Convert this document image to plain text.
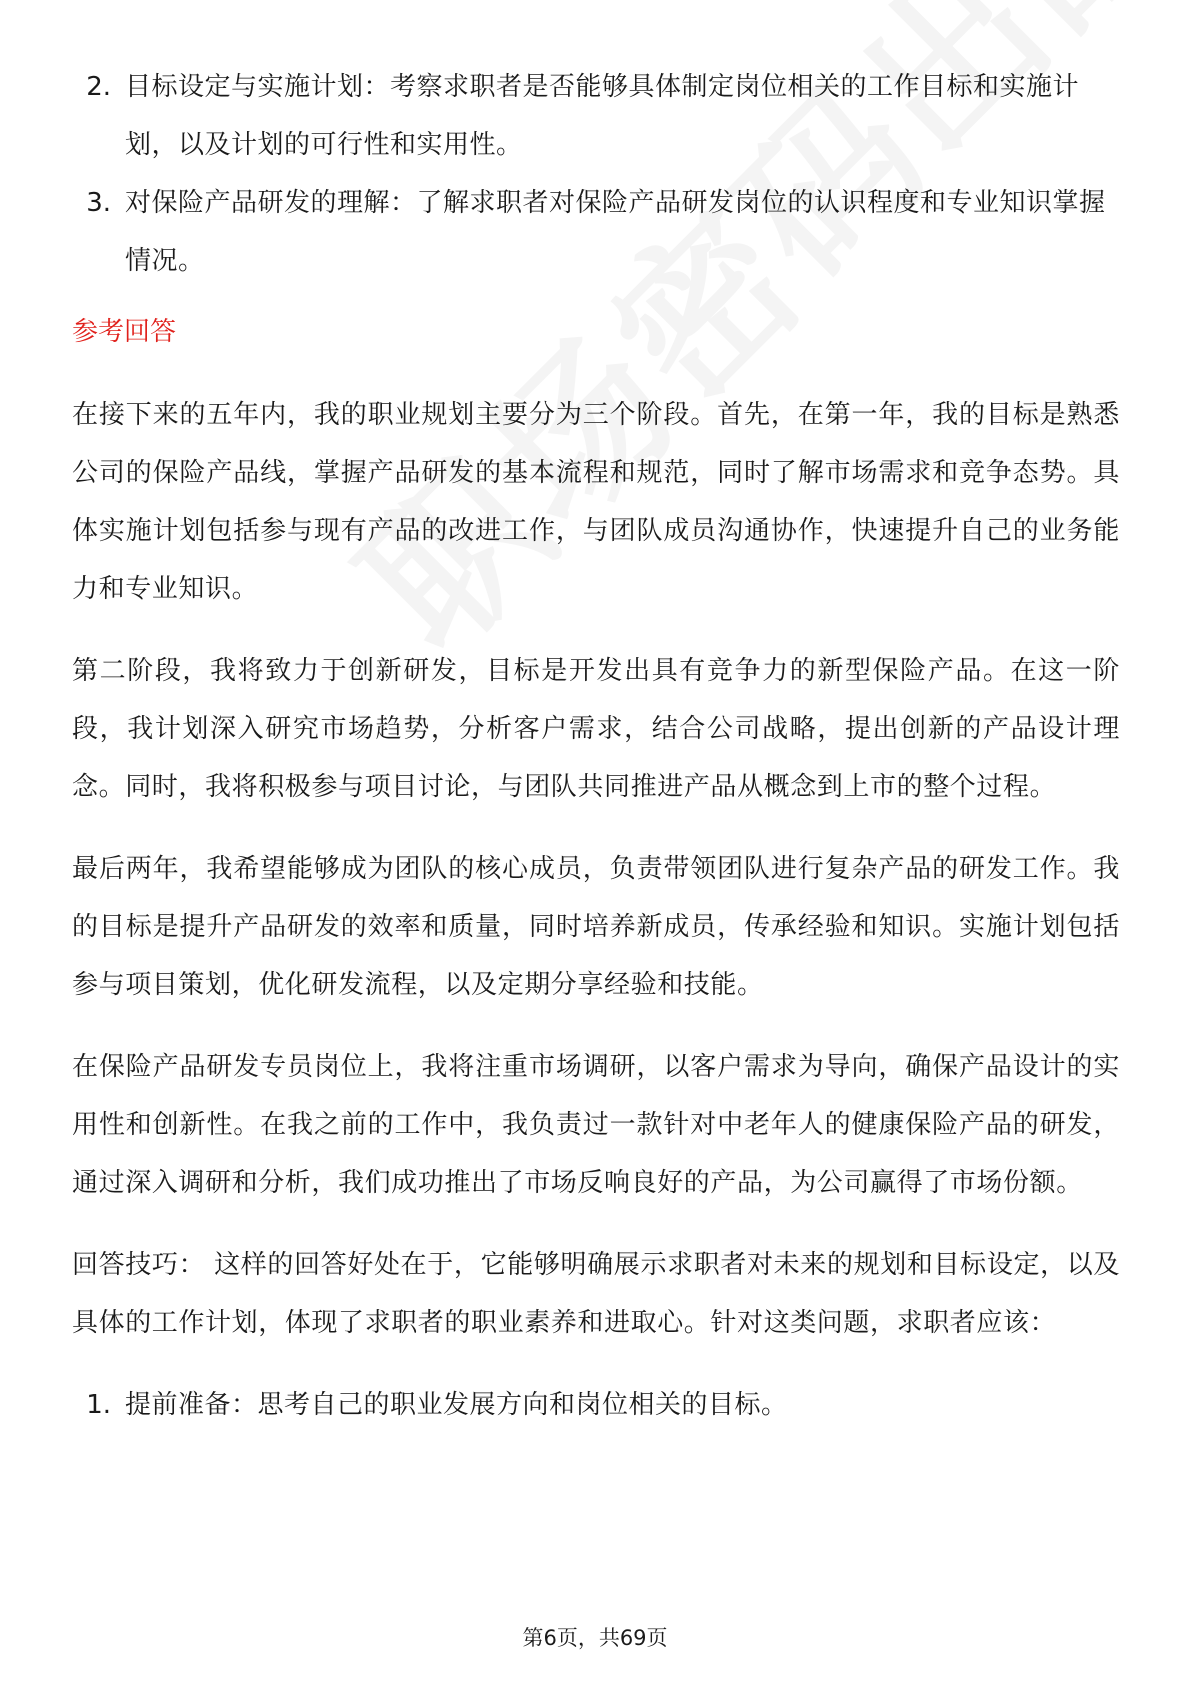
2. 目标设定与实施计划：考察求职者是否能够具体制定岗位相关的工作目标和实施计划，以及计划的可行性和实用性。
3. 对保险产品研发的理解：了解求职者对保险产品研发岗位的认识程度和专业知识掌握情况。
参考回答

在接下来的五年内，我的职业规划主要分为三个阶段。首先，在第一年，我的目标是熟悉公司的保险产品线，掌握产品研发的基本流程和规范，同时了解市场需求和竞争态势。具体实施计划包括参与现有产品的改进工作，与团队成员沟通协作，快速提升自己的业务能力和专业知识。

第二阶段，我将致力于创新研发，目标是开发出具有竞争力的新型保险产品。在这一阶段，我计划深入研究市场趋势，分析客户需求，结合公司战略，提出创新的产品设计理念。同时，我将积极参与项目讨论，与团队共同推进产品从概念到上市的整个过程。

最后两年，我希望能够成为团队的核心成员，负责带领团队进行复杂产品的研发工作。我的目标是提升产品研发的效率和质量，同时培养新成员，传承经验和知识。实施计划包括参与项目策划，优化研发流程，以及定期分享经验和技能。

在保险产品研发专员岗位上，我将注重市场调研，以客户需求为导向，确保产品设计的实用性和创新性。在我之前的工作中，我负责过一款针对中老年人的健康保险产品的研发，通过深入调研和分析，我们成功推出了市场反响良好的产品，为公司赢得了市场份额。

回答技巧： 这样的回答好处在于，它能够明确展示求职者对未来的规划和目标设定，以及具体的工作计划，体现了求职者的职业素养和进取心。针对这类问题，求职者应该：

1. 提前准备：思考自己的职业发展方向和岗位相关的目标。
第6页，共69页
